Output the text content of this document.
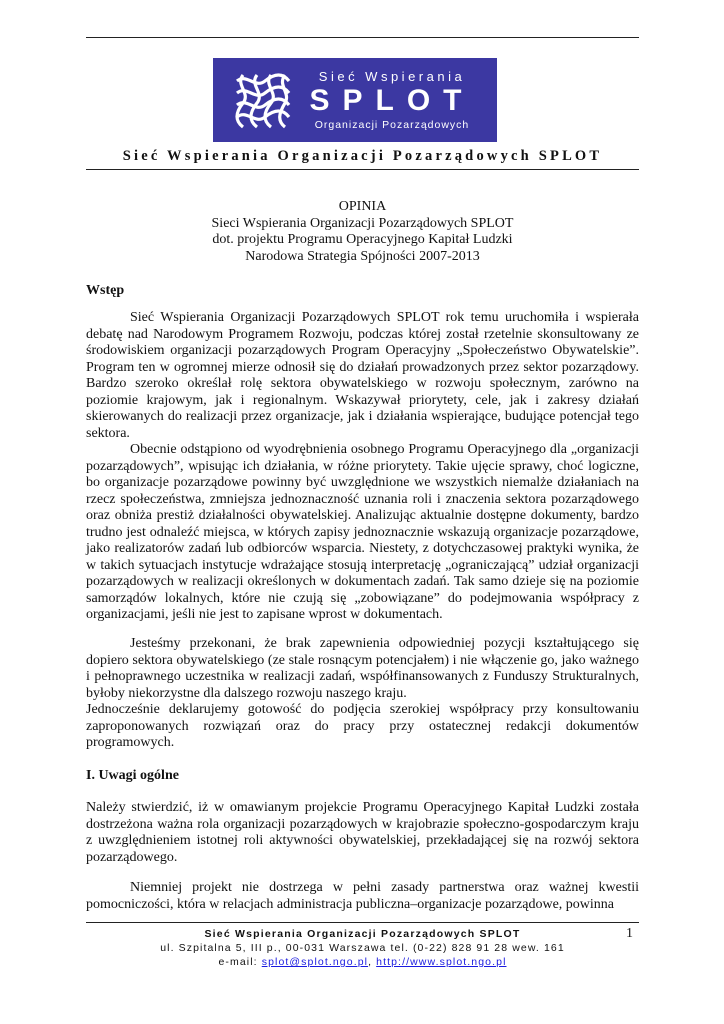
Sieć Wspierania
SPLOT
Organizacji Pozarządowych
Sieć Wspierania Organizacji Pozarządowych SPLOT
OPINIA
Sieci Wspierania Organizacji Pozarządowych SPLOT
dot. projektu Programu Operacyjnego Kapitał Ludzki
Narodowa Strategia Spójności 2007-2013
Wstęp
Sieć Wspierania Organizacji Pozarządowych SPLOT rok temu uruchomiła i wspierała debatę nad Narodowym Programem Rozwoju, podczas której został rzetelnie skonsultowany ze środowiskiem organizacji pozarządowych Program Operacyjny „Społeczeństwo Obywatelskie”. Program ten w ogromnej mierze odnosił się do działań prowadzonych przez sektor pozarządowy. Bardzo szeroko określał rolę sektora obywatelskiego w rozwoju społecznym, zarówno na poziomie krajowym, jak i regionalnym. Wskazywał priorytety, cele, jak i zakresy działań skierowanych do realizacji przez organizacje, jak i działania wspierające, budujące potencjał tego sektora.
Obecnie odstąpiono od wyodrębnienia osobnego Programu Operacyjnego dla „organizacji pozarządowych”, wpisując ich działania, w różne priorytety. Takie ujęcie sprawy, choć logiczne, bo organizacje pozarządowe powinny być uwzględnione we wszystkich niemalże działaniach na rzecz społeczeństwa, zmniejsza jednoznaczność uznania roli i znaczenia sektora pozarządowego oraz obniża prestiż działalności obywatelskiej. Analizując aktualnie dostępne dokumenty, bardzo trudno jest odnaleźć miejsca, w których zapisy jednoznacznie wskazują organizacje pozarządowe, jako realizatorów zadań lub odbiorców wsparcia. Niestety, z dotychczasowej praktyki wynika, że w takich sytuacjach instytucje wdrażające stosują interpretację „ograniczającą” udział organizacji pozarządowych w realizacji określonych w dokumentach zadań. Tak samo dzieje się na poziomie samorządów lokalnych, które nie czują się „zobowiązane” do podejmowania współpracy z organizacjami, jeśli nie jest to zapisane wprost w dokumentach.
Jesteśmy przekonani, że brak zapewnienia odpowiedniej pozycji kształtującego się dopiero sektora obywatelskiego (ze stale rosnącym potencjałem) i nie włączenie go, jako ważnego i pełnoprawnego uczestnika w realizacji zadań, współfinansowanych z Funduszy Strukturalnych, byłoby niekorzystne dla dalszego rozwoju naszego kraju.
Jednocześnie deklarujemy gotowość do podjęcia szerokiej współpracy przy konsultowaniu zaproponowanych rozwiązań oraz do pracy przy ostatecznej redakcji dokumentów programowych.
I. Uwagi ogólne
Należy stwierdzić, iż w omawianym projekcie Programu Operacyjnego Kapitał Ludzki została dostrzeżona ważna rola organizacji pozarządowych w krajobrazie społeczno-gospodarczym kraju z uwzględnieniem istotnej roli aktywności obywatelskiej, przekładającej się na rozwój sektora pozarządowego.
Niemniej projekt nie dostrzega w pełni zasady partnerstwa oraz ważnej kwestii pomocniczości, która w relacjach administracja publiczna–organizacje pozarządowe, powinna
Sieć Wspierania Organizacji Pozarządowych SPLOT
ul. Szpitalna 5, III p., 00-031 Warszawa tel. (0-22) 828 91 28 wew. 161
e-mail: splot@splot.ngo.pl, http://www.splot.ngo.pl
1
